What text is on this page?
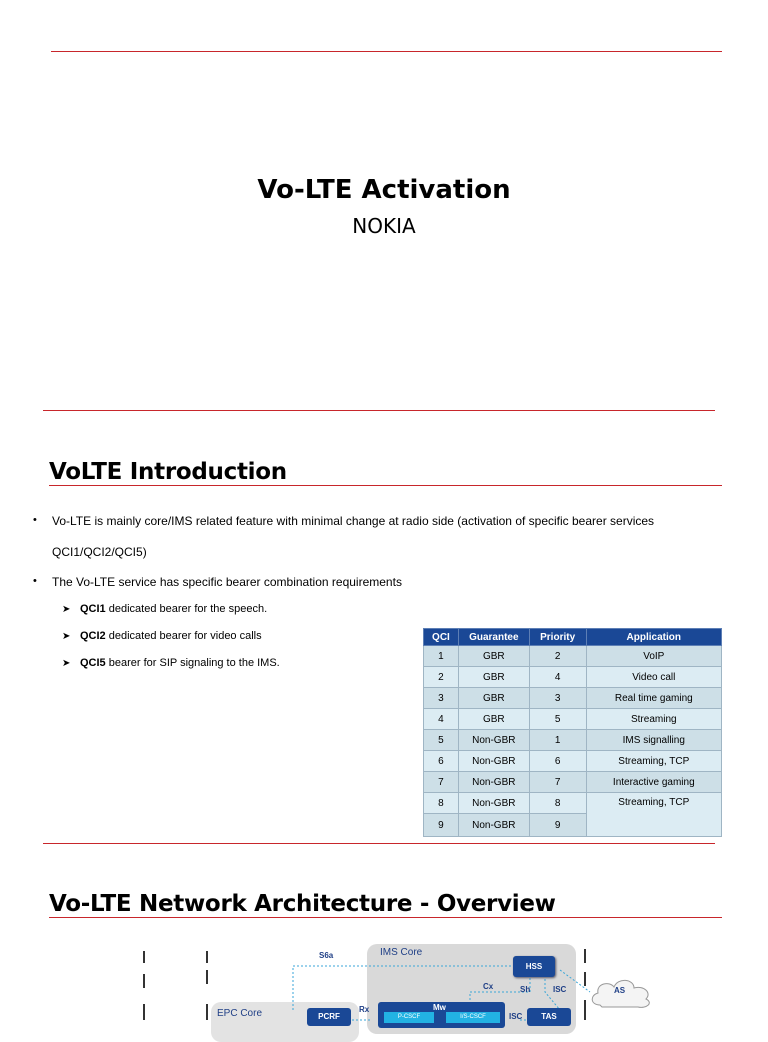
Vo-LTE Activation
NOKIA
VoLTE Introduction
• Vo-LTE is mainly core/IMS related feature with minimal change at radio side (activation of specific bearer services
QCI1/QCI2/QCI5)
• The Vo-LTE service has specific bearer combination requirements
➤ QCI1 dedicated bearer for the speech.
➤ QCI2 dedicated bearer for video calls
➤ QCI5 bearer for SIP signaling to the IMS.
QCI	Guarantee	Priority	Application
1	GBR	2	VoIP
2	GBR	4	Video call
3	GBR	3	Real time gaming
4	GBR	5	Streaming
5	Non-GBR	1	IMS signalling
6	Non-GBR	6	Streaming, TCP
7	Non-GBR	7	Interactive gaming
8	Non-GBR	8	Streaming, TCP
9	Non-GBR	9	
Vo-LTE Network Architecture - Overview
IMS Core
EPC Core
S6a
HSS
Cx	Sh	ISC	AS
PCRF
Rx	Mw
P-CSCF	I/S-CSCF	ISC	TAS
